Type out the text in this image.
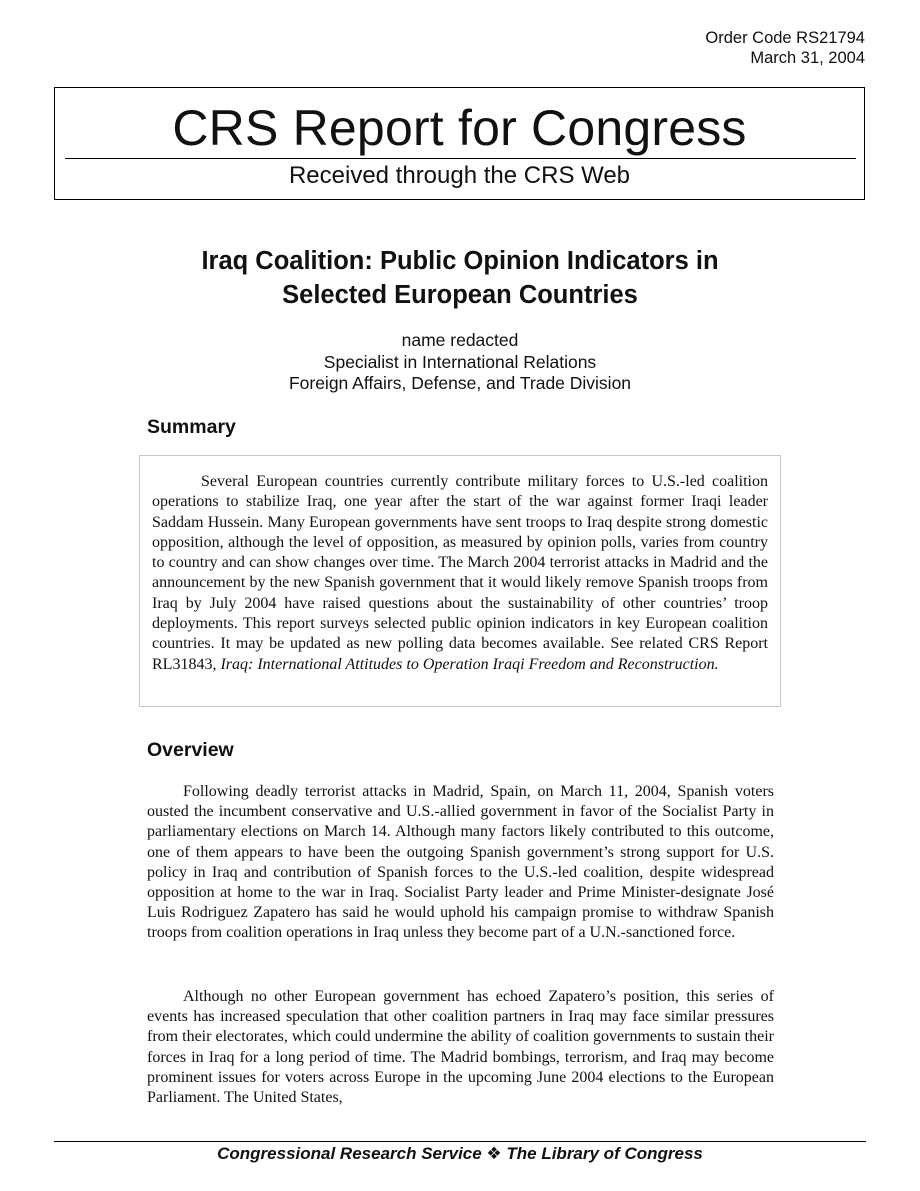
Order Code RS21794
March 31, 2004
CRS Report for Congress
Received through the CRS Web
Iraq Coalition: Public Opinion Indicators in
Selected European Countries
name redacted
Specialist in International Relations
Foreign Affairs, Defense, and Trade Division
Summary

Several European countries currently contribute military forces to U.S.-led coalition operations to stabilize Iraq, one year after the start of the war against former Iraqi leader Saddam Hussein. Many European governments have sent troops to Iraq despite strong domestic opposition, although the level of opposition, as measured by opinion polls, varies from country to country and can show changes over time. The March 2004 terrorist attacks in Madrid and the announcement by the new Spanish government that it would likely remove Spanish troops from Iraq by July 2004 have raised questions about the sustainability of other countries’ troop deployments. This report surveys selected public opinion indicators in key European coalition countries. It may be updated as new polling data becomes available. See related CRS Report RL31843, Iraq: International Attitudes to Operation Iraqi Freedom and Reconstruction.

Overview

Following deadly terrorist attacks in Madrid, Spain, on March 11, 2004, Spanish voters ousted the incumbent conservative and U.S.-allied government in favor of the Socialist Party in parliamentary elections on March 14. Although many factors likely contributed to this outcome, one of them appears to have been the outgoing Spanish government’s strong support for U.S. policy in Iraq and contribution of Spanish forces to the U.S.-led coalition, despite widespread opposition at home to the war in Iraq. Socialist Party leader and Prime Minister-designate José Luis Rodriguez Zapatero has said he would uphold his campaign promise to withdraw Spanish troops from coalition operations in Iraq unless they become part of a U.N.-sanctioned force.

Although no other European government has echoed Zapatero’s position, this series of events has increased speculation that other coalition partners in Iraq may face similar pressures from their electorates, which could undermine the ability of coalition governments to sustain their forces in Iraq for a long period of time. The Madrid bombings, terrorism, and Iraq may become prominent issues for voters across Europe in the upcoming June 2004 elections to the European Parliament. The United States,

Congressional Research Service ❖ The Library of Congress
